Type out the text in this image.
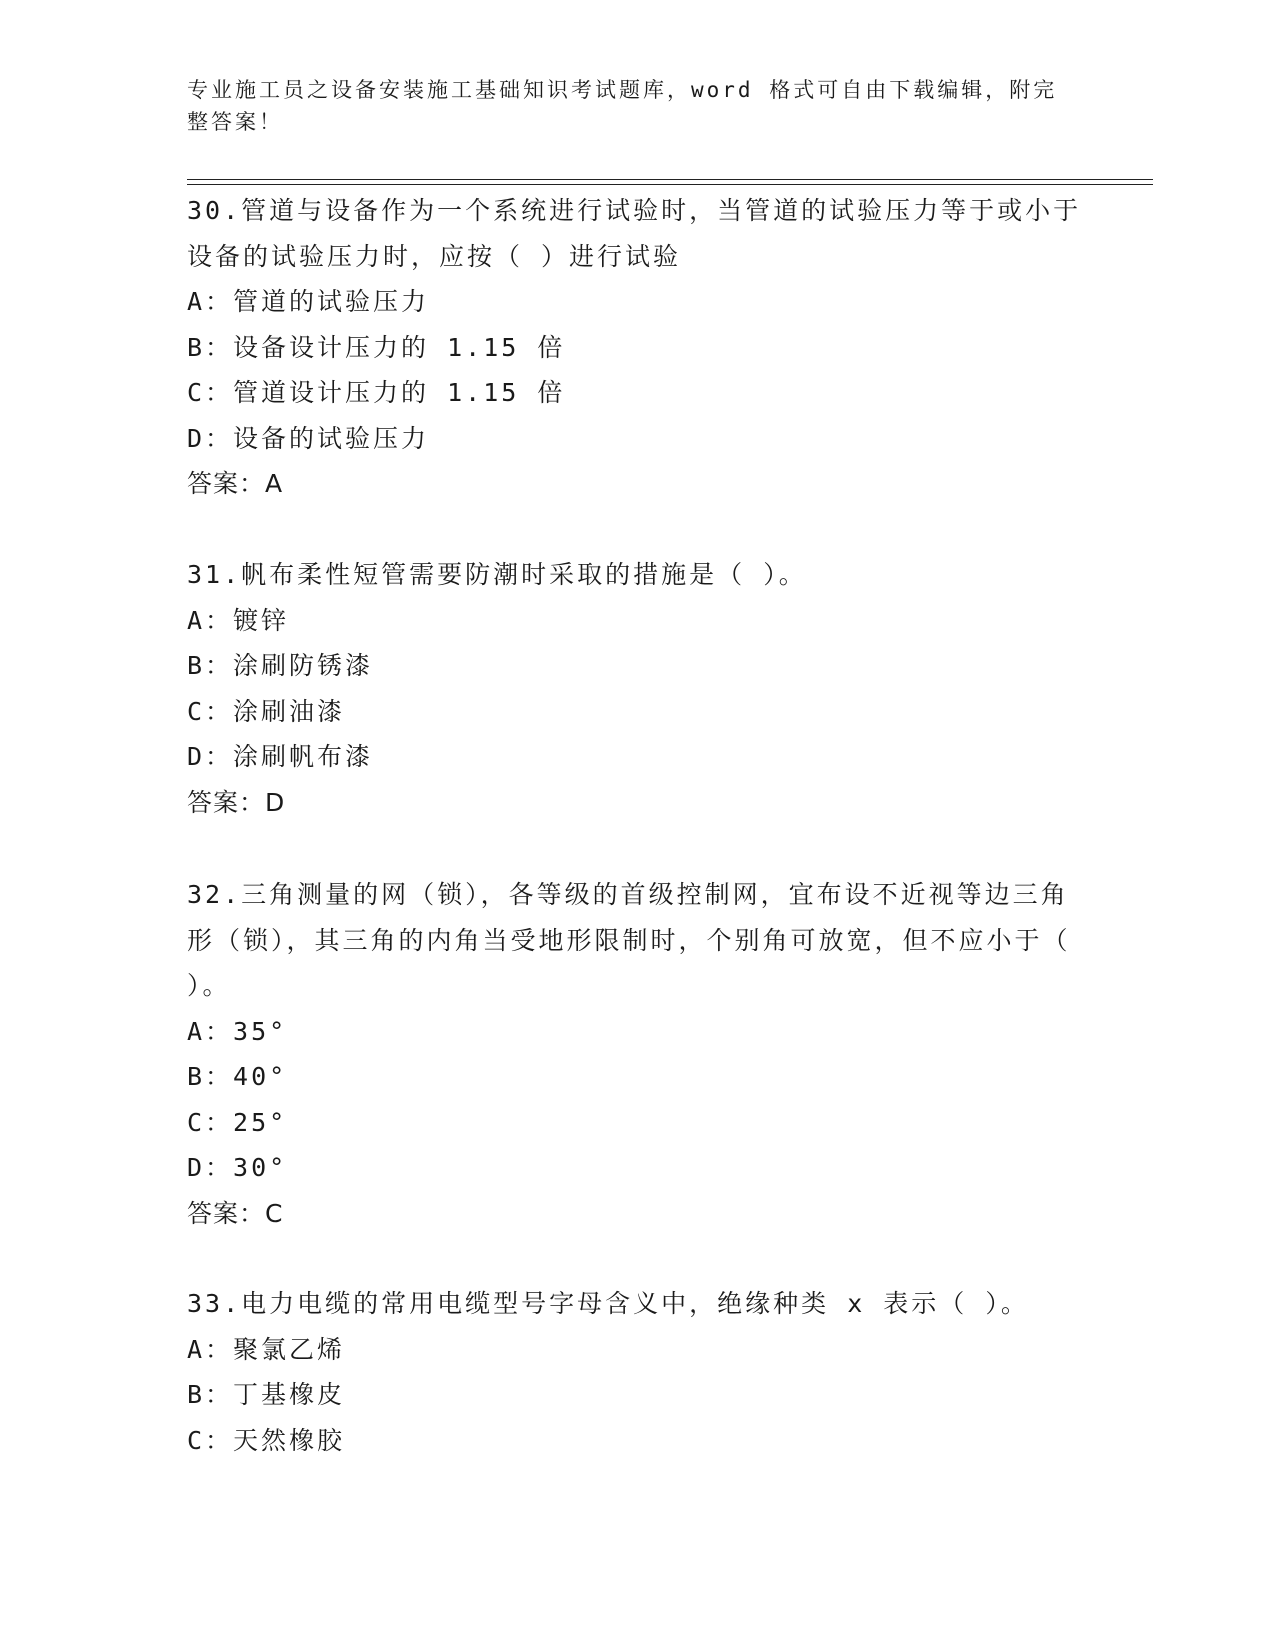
专业施工员之设备安装施工基础知识考试题库，word 格式可自由下载编辑，附完整答案！
30.管道与设备作为一个系统进行试验时，当管道的试验压力等于或小于设备的试验压力时，应按（ ）进行试验
A：管道的试验压力
B：设备设计压力的 1.15 倍
C：管道设计压力的 1.15 倍
D：设备的试验压力
答案：A
31.帆布柔性短管需要防潮时采取的措施是（ ）。
A：镀锌
B：涂刷防锈漆
C：涂刷油漆
D：涂刷帆布漆
答案：D
32.三角测量的网（锁），各等级的首级控制网，宜布设不近视等边三角形（锁），其三角的内角当受地形限制时，个别角可放宽，但不应小于（ ）。
A：35°
B：40°
C：25°
D：30°
答案：C
33.电力电缆的常用电缆型号字母含义中，绝缘种类 x 表示（ ）。
A：聚氯乙烯
B：丁基橡皮
C：天然橡胶
